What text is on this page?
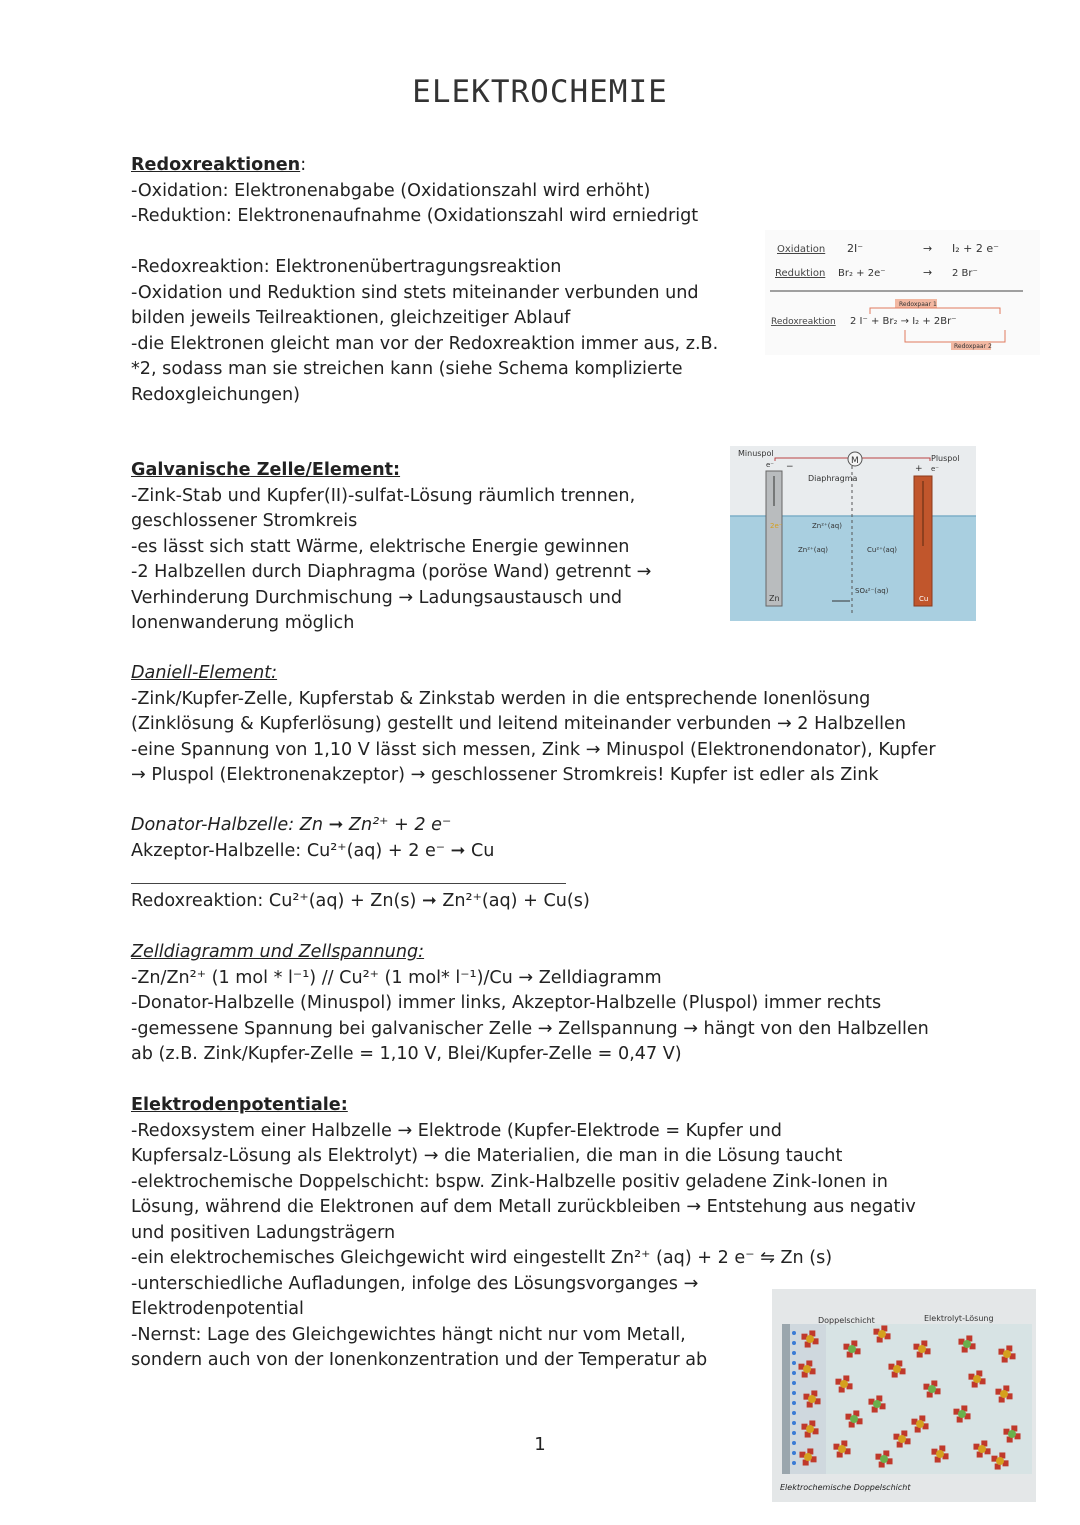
ELEKTROCHEMIE

Redoxreaktionen:

-Oxidation: Elektronenabgabe (Oxidationszahl wird erhöht)

-Reduktion: Elektronenaufnahme (Oxidationszahl wird erniedrigt

-Redoxreaktion: Elektronenübertragungsreaktion

-Oxidation und Reduktion sind stets miteinander verbunden und

bilden jeweils Teilreaktionen, gleichzeitiger Ablauf

-die Elektronen gleicht man vor der Redoxreaktion immer aus, z.B.

*2, sodass man sie streichen kann (siehe Schema komplizierte

Redoxgleichungen)

Oxidation 2I⁻	→ I₂ + 2 e⁻
Reduktion Br₂ + 2e⁻	→ 2 Br⁻
Redoxpaar 1
Redoxreaktion 2 I⁻ + Br₂ → I₂ + 2Br⁻
Redoxpaar 2

Galvanische Zelle/Element:

-Zink-Stab und Kupfer(II)-sulfat-Lösung räumlich trennen,

geschlossener Stromkreis

-es lässt sich statt Wärme, elektrische Energie gewinnen

-2 Halbzellen durch Diaphragma (poröse Wand) getrennt →

Verhinderung Durchmischung → Ladungsaustausch und

Ionenwanderung möglich

M
Minuspol
Pluspol
e⁻	e⁻
−	+
Diaphragma
2e⁻	Zn²⁺(aq)
Zn²⁺(aq)	Cu²⁺(aq)
SO₄²⁻(aq)
Zn	Cu

Daniell-Element:

-Zink/Kupfer-Zelle, Kupferstab & Zinkstab werden in die entsprechende Ionenlösung

(Zinklösung & Kupferlösung) gestellt und leitend miteinander verbunden → 2 Halbzellen

-eine Spannung von 1,10 V lässt sich messen, Zink → Minuspol (Elektronendonator), Kupfer

→ Pluspol (Elektronenakzeptor) → geschlossener Stromkreis! Kupfer ist edler als Zink

Donator-Halbzelle: Zn ➞ Zn²⁺ + 2 e⁻

Akzeptor-Halbzelle: Cu²⁺(aq) + 2 e⁻ ➞ Cu

Redoxreaktion: Cu²⁺(aq) + Zn(s) ➞ Zn²⁺(aq) + Cu(s)

Zelldiagramm und Zellspannung:

-Zn/Zn²⁺ (1 mol * l⁻¹) // Cu²⁺ (1 mol* l⁻¹)/Cu → Zelldiagramm

-Donator-Halbzelle (Minuspol) immer links, Akzeptor-Halbzelle (Pluspol) immer rechts

-gemessene Spannung bei galvanischer Zelle → Zellspannung → hängt von den Halbzellen

ab (z.B. Zink/Kupfer-Zelle = 1,10 V, Blei/Kupfer-Zelle = 0,47 V)

Elektrodenpotentiale:

-Redoxsystem einer Halbzelle → Elektrode (Kupfer-Elektrode = Kupfer und

Kupfersalz-Lösung als Elektrolyt) → die Materialien, die man in die Lösung taucht

-elektrochemische Doppelschicht: bspw. Zink-Halbzelle positiv geladene Zink-Ionen in

Lösung, während die Elektronen auf dem Metall zurückbleiben → Entstehung aus negativ

und positiven Ladungsträgern

-ein elektrochemisches Gleichgewicht wird eingestellt Zn²⁺ (aq) + 2 e⁻ ⇋ Zn (s)

-unterschiedliche Aufladungen, infolge des Lösungsvorganges →

Elektrodenpotential

-Nernst: Lage des Gleichgewichtes hängt nicht nur vom Metall,

sondern auch von der Ionenkonzentration und der Temperatur ab

Doppelschicht	Elektrolyt-Lösung
Elektrochemische Doppelschicht
1
